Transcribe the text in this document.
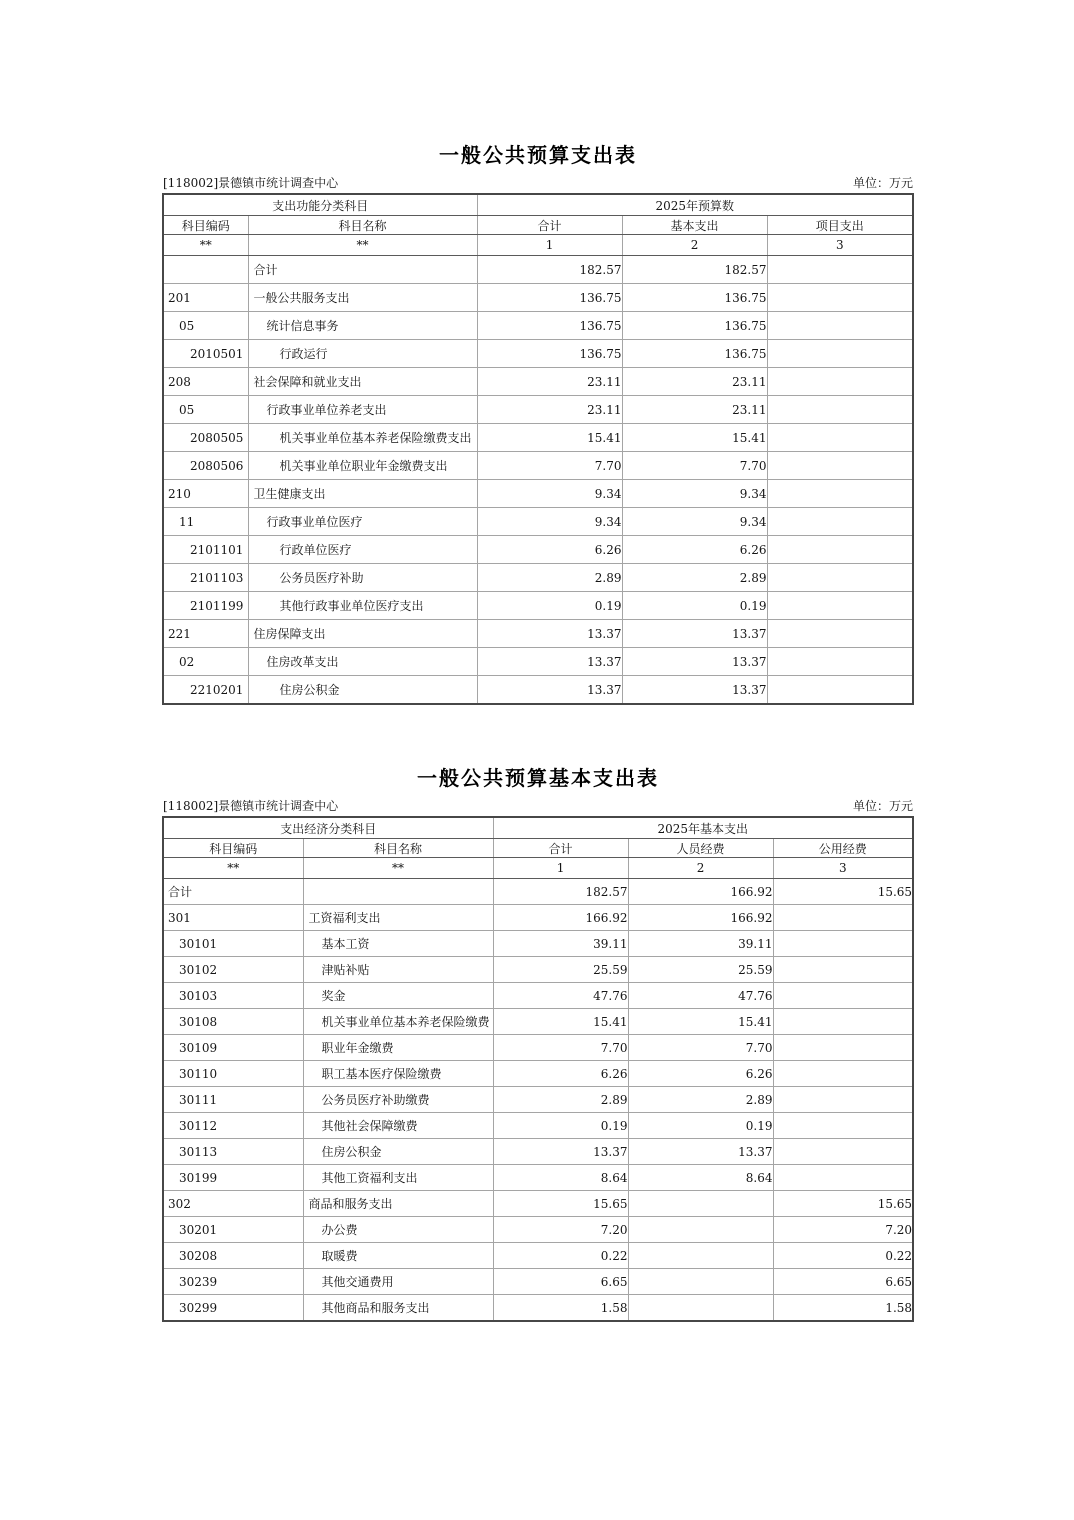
一般公共预算支出表
[118002]景德镇市统计调查中心	单位：万元
支出功能分类科目		2025年预算数		
科目编码	科目名称	合计	基本支出	项目支出
**	**	1	2	3
	合计	182.57	182.57	
201	一般公共服务支出	136.75	136.75	
05	统计信息事务	136.75	136.75	
2010501	行政运行	136.75	136.75	
208	社会保障和就业支出	23.11	23.11	
05	行政事业单位养老支出	23.11	23.11	
2080505	机关事业单位基本养老保险缴费支出	15.41	15.41	
2080506	机关事业单位职业年金缴费支出	7.70	7.70	
210	卫生健康支出	9.34	9.34	
11	行政事业单位医疗	9.34	9.34	
2101101	行政单位医疗	6.26	6.26	
2101103	公务员医疗补助	2.89	2.89	
2101199	其他行政事业单位医疗支出	0.19	0.19	
221	住房保障支出	13.37	13.37	
02	住房改革支出	13.37	13.37	
2210201	住房公积金	13.37	13.37	
一般公共预算基本支出表
[118002]景德镇市统计调查中心	单位：万元
支出经济分类科目		2025年基本支出		
科目编码	科目名称	合计	人员经费	公用经费
**	**	1	2	3
合计		182.57	166.92	15.65
301	工资福利支出	166.92	166.92	
30101	基本工资	39.11	39.11	
30102	津贴补贴	25.59	25.59	
30103	奖金	47.76	47.76	
30108	机关事业单位基本养老保险缴费	15.41	15.41	
30109	职业年金缴费	7.70	7.70	
30110	职工基本医疗保险缴费	6.26	6.26	
30111	公务员医疗补助缴费	2.89	2.89	
30112	其他社会保障缴费	0.19	0.19	
30113	住房公积金	13.37	13.37	
30199	其他工资福利支出	8.64	8.64	
302	商品和服务支出	15.65		15.65
30201	办公费	7.20		7.20
30208	取暖费	0.22		0.22
30239	其他交通费用	6.65		6.65
30299	其他商品和服务支出	1.58		1.58
